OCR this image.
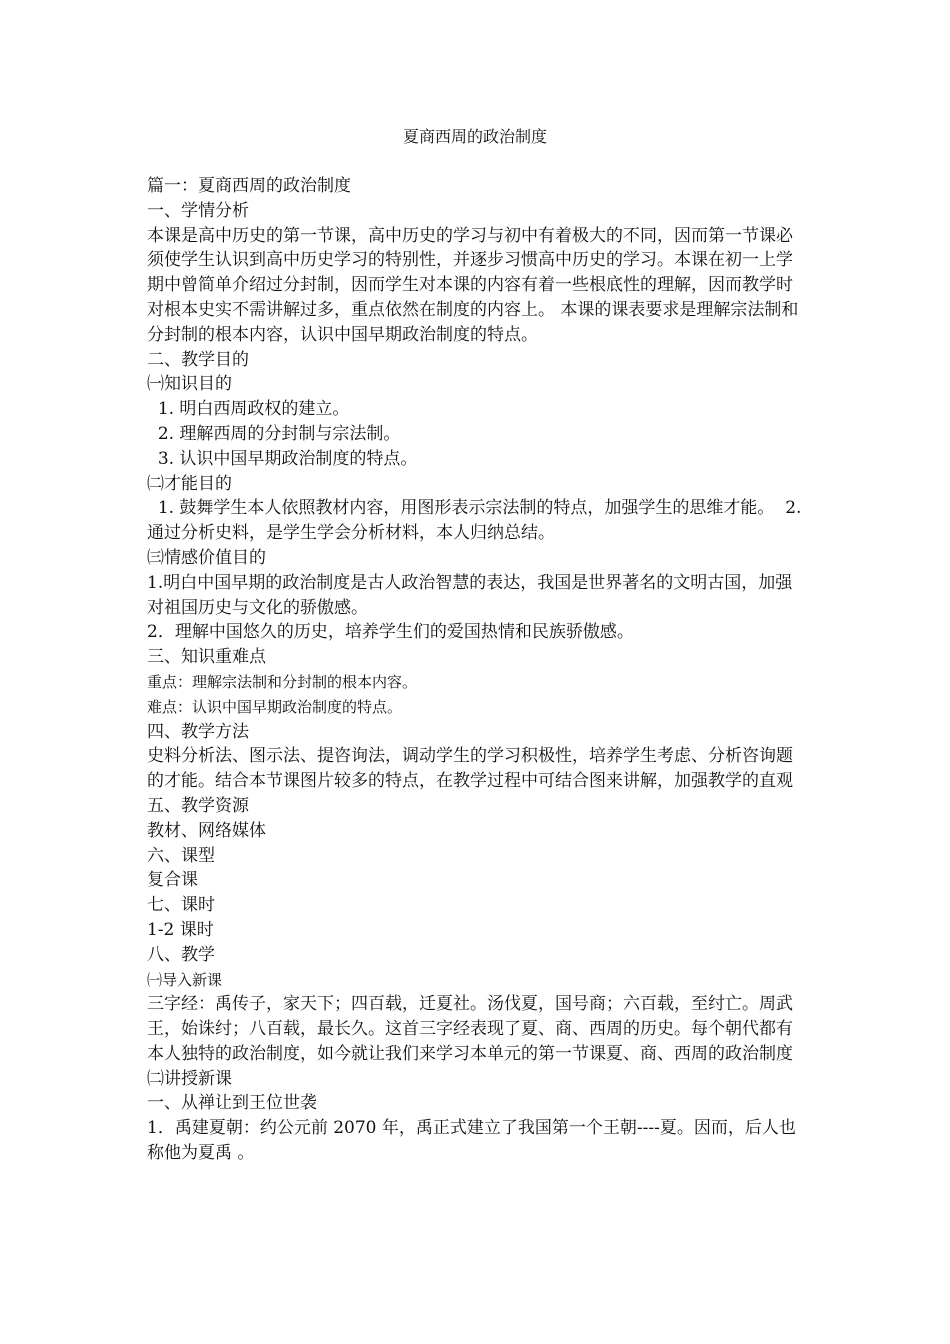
夏商西周的政治制度

篇一：夏商西周的政治制度

一、学情分析

本课是高中历史的第一节课，高中历史的学习与初中有着极大的不同，因而第一节课必须使学生认识到高中历史学习的特别性，并逐步习惯高中历史的学习。本课在初一上学期中曾简单介绍过分封制，因而学生对本课的内容有着一些根底性的理解，因而教学时对根本史实不需讲解过多，重点依然在制度的内容上。 本课的课表要求是理解宗法制和分封制的根本内容，认识中国早期政治制度的特点。

二、教学目的

㈠知识目的

1. 明白西周政权的建立。

2. 理解西周的分封制与宗法制。

3. 认识中国早期政治制度的特点。

㈡才能目的

1. 鼓舞学生本人依照教材内容，用图形表示宗法制的特点，加强学生的思维才能。  2.通过分析史料，是学生学会分析材料，本人归纳总结。

㈢情感价值目的

1.明白中国早期的政治制度是古人政治智慧的表达，我国是世界著名的文明古国，加强对祖国历史与文化的骄傲感。

2．理解中国悠久的历史，培养学生们的爱国热情和民族骄傲感。

三、知识重难点

重点：理解宗法制和分封制的根本内容。

难点：认识中国早期政治制度的特点。

四、教学方法

史料分析法、图示法、提咨询法，调动学生的学习积极性，培养学生考虑、分析咨询题的才能。结合本节课图片较多的特点，在教学过程中可结合图来讲解，加强教学的直观

五、教学资源

教材、网络媒体

六、课型

复合课

七、课时

1-2 课时

八、教学

㈠导入新课

三字经：禹传子，家天下；四百载，迁夏社。汤伐夏，国号商；六百载，至纣亡。周武王，始诛纣；八百载，最长久。这首三字经表现了夏、商、西周的历史。每个朝代都有本人独特的政治制度，如今就让我们来学习本单元的第一节课夏、商、西周的政治制度 ㈡讲授新课

一、从禅让到王位世袭

1．禹建夏朝：约公元前 2070 年，禹正式建立了我国第一个王朝----夏。因而，后人也称他为夏禹 。
